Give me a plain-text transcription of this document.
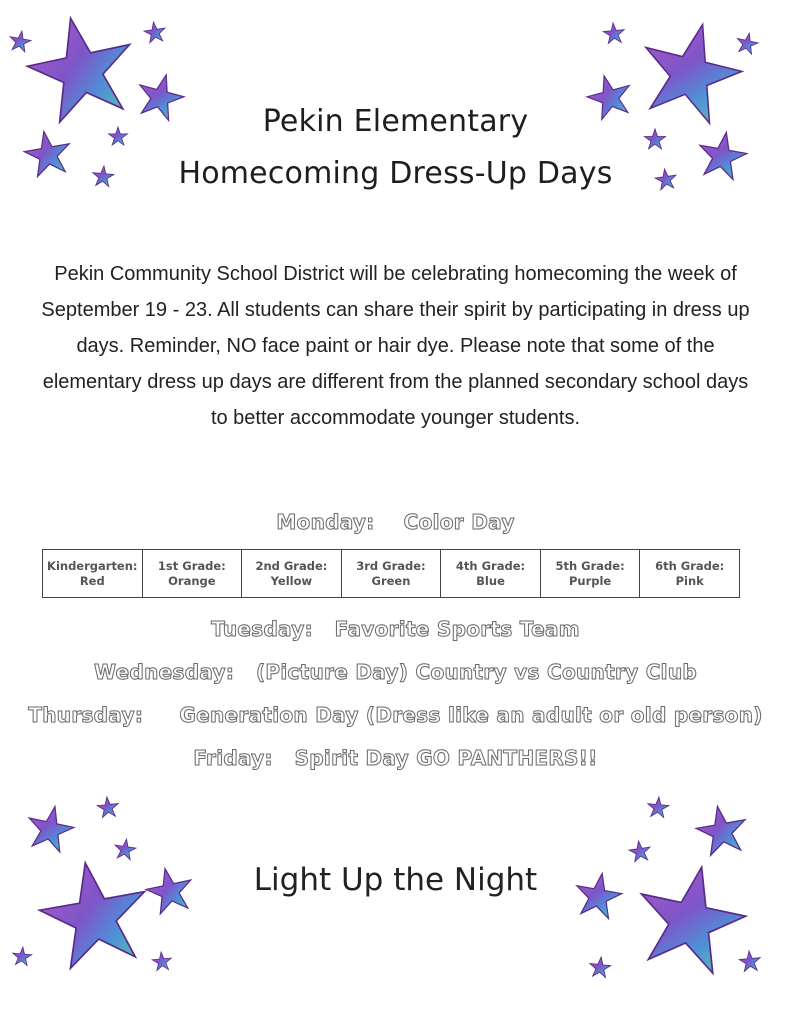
Pekin Elementary
Homecoming Dress-Up Days
Pekin Community School District will be celebrating homecoming the week of September 19 - 23. All students can share their spirit by participating in dress up days. Reminder, NO face paint or hair dye. Please note that some of the elementary dress up days are different from the planned secondary school days to better accommodate younger students.
Monday:    Color Day
Kindergarten:
Red

1st Grade:
Orange

2nd Grade:
Yellow

3rd Grade:
Green

4th Grade:
Blue

5th Grade:
Purple

6th Grade:
Pink
Tuesday:   Favorite Sports Team
Wednesday:   (Picture Day) Country vs Country Club
Thursday:     Generation Day (Dress like an adult or old person)
Friday:   Spirit Day GO PANTHERS!!
Light Up the Night
